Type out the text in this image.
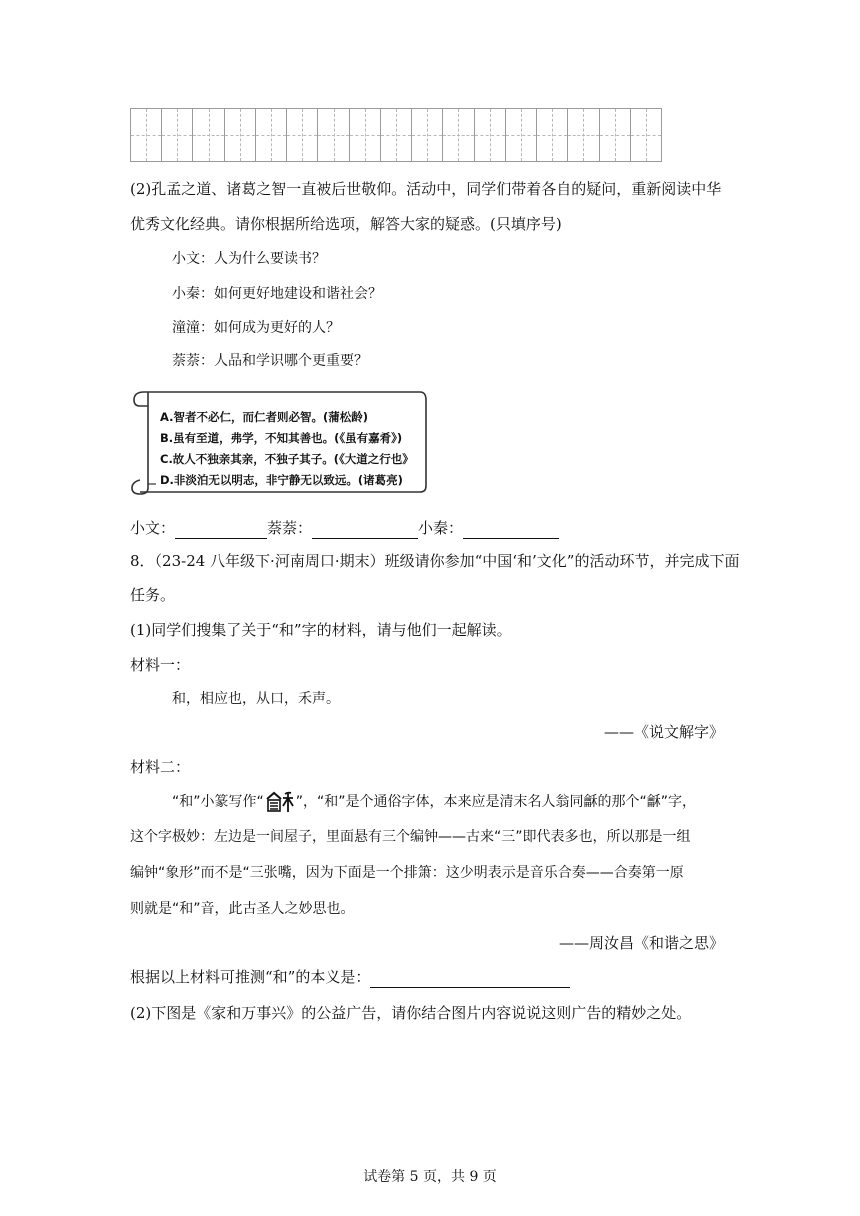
(2)孔孟之道、诸葛之智一直被后世敬仰。活动中，同学们带着各自的疑问，重新阅读中华
优秀文化经典。请你根据所给选项，解答大家的疑惑。(只填序号)
小文：人为什么要读书？
小秦：如何更好地建设和谐社会？
潼潼：如何成为更好的人？
萘萘：人品和学识哪个更重要？
A.智者不必仁，而仁者则必智。(蒲松龄)
B.虽有至道，弗学，不知其善也。(《虽有嘉肴》)
C.故人不独亲其亲，不独子其子。(《大道之行也》
D.非淡泊无以明志，非宁静无以致远。(诸葛亮)
小文：	萘萘：	小秦：
8．（23-24 八年级下·河南周口·期末）班级请你参加“中国‘和’文化”的活动环节，并完成下面
任务。
(1)同学们搜集了关于“和”字的材料，请与他们一起解读。
材料一：
和，相应也，从口，禾声。
——《说文解字》
材料二：
“和”小篆写作“ ”，“和”是个通俗字体，本来应是清末名人翁同龢的那个“龢”字，
这个字极妙：左边是一间屋子，里面悬有三个编钟——古来“三”即代表多也，所以那是一组
编钟“象形”而不是“三张嘴，因为下面是一个排箫：这少明表示是音乐合奏——合奏第一原
则就是“和”音，此古圣人之妙思也。
——周汝昌《和谐之思》
根据以上材料可推测“和”的本义是：
(2)下图是《家和万事兴》的公益广告，请你结合图片内容说说这则广告的精妙之处。
试卷第 5 页，共 9 页
